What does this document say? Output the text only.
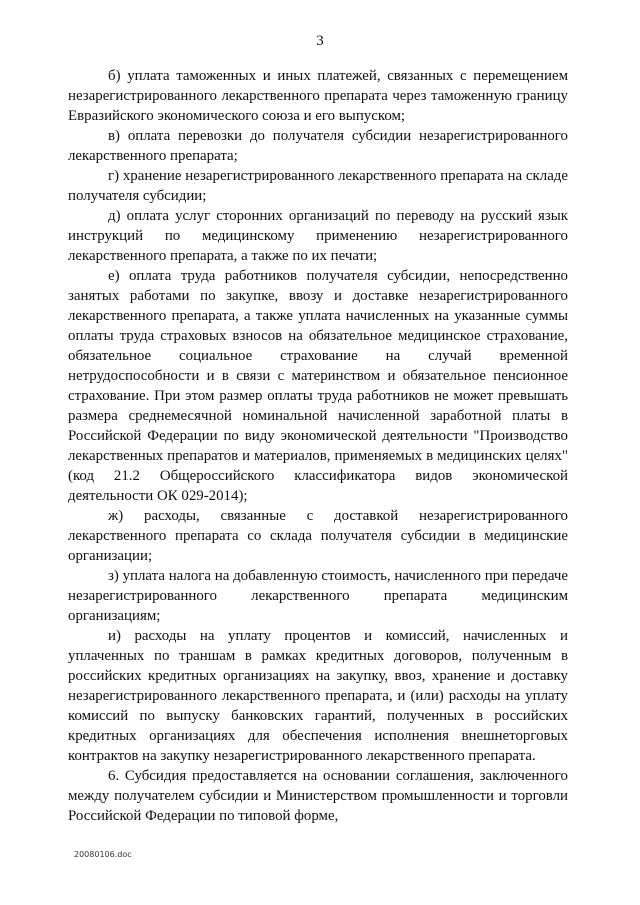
3

б) уплата таможенных и иных платежей, связанных с перемещением незарегистрированного лекарственного препарата через таможенную границу Евразийского экономического союза и его выпуском;

в) оплата перевозки до получателя субсидии незарегистрированного лекарственного препарата;

г) хранение незарегистрированного лекарственного препарата на складе получателя субсидии;

д) оплата услуг сторонних организаций по переводу на русский язык инструкций по медицинскому применению незарегистрированного лекарственного препарата, а также по их печати;

е) оплата труда работников получателя субсидии, непосредственно занятых работами по закупке, ввозу и доставке незарегистрированного лекарственного препарата, а также уплата начисленных на указанные суммы оплаты труда страховых взносов на обязательное медицинское страхование, обязательное социальное страхование на случай временной нетрудоспособности и в связи с материнством и обязательное пенсионное страхование. При этом размер оплаты труда работников не может превышать размера среднемесячной номинальной начисленной заработной платы в Российской Федерации по виду экономической деятельности "Производство лекарственных препаратов и материалов, применяемых в медицинских целях" (код 21.2 Общероссийского классификатора видов экономической деятельности ОК 029-2014);

ж) расходы, связанные с доставкой незарегистрированного лекарственного препарата со склада получателя субсидии в медицинские организации;

з) уплата налога на добавленную стоимость, начисленного при передаче незарегистрированного лекарственного препарата медицинским организациям;

и) расходы на уплату процентов и комиссий, начисленных и уплаченных по траншам в рамках кредитных договоров, полученным в российских кредитных организациях на закупку, ввоз, хранение и доставку незарегистрированного лекарственного препарата, и (или) расходы на уплату комиссий по выпуску банковских гарантий, полученных в российских кредитных организациях для обеспечения исполнения внешнеторговых контрактов на закупку незарегистрированного лекарственного препарата.

6. Субсидия предоставляется на основании соглашения, заключенного между получателем субсидии и Министерством промышленности и торговли Российской Федерации по типовой форме,

20080106.doc
